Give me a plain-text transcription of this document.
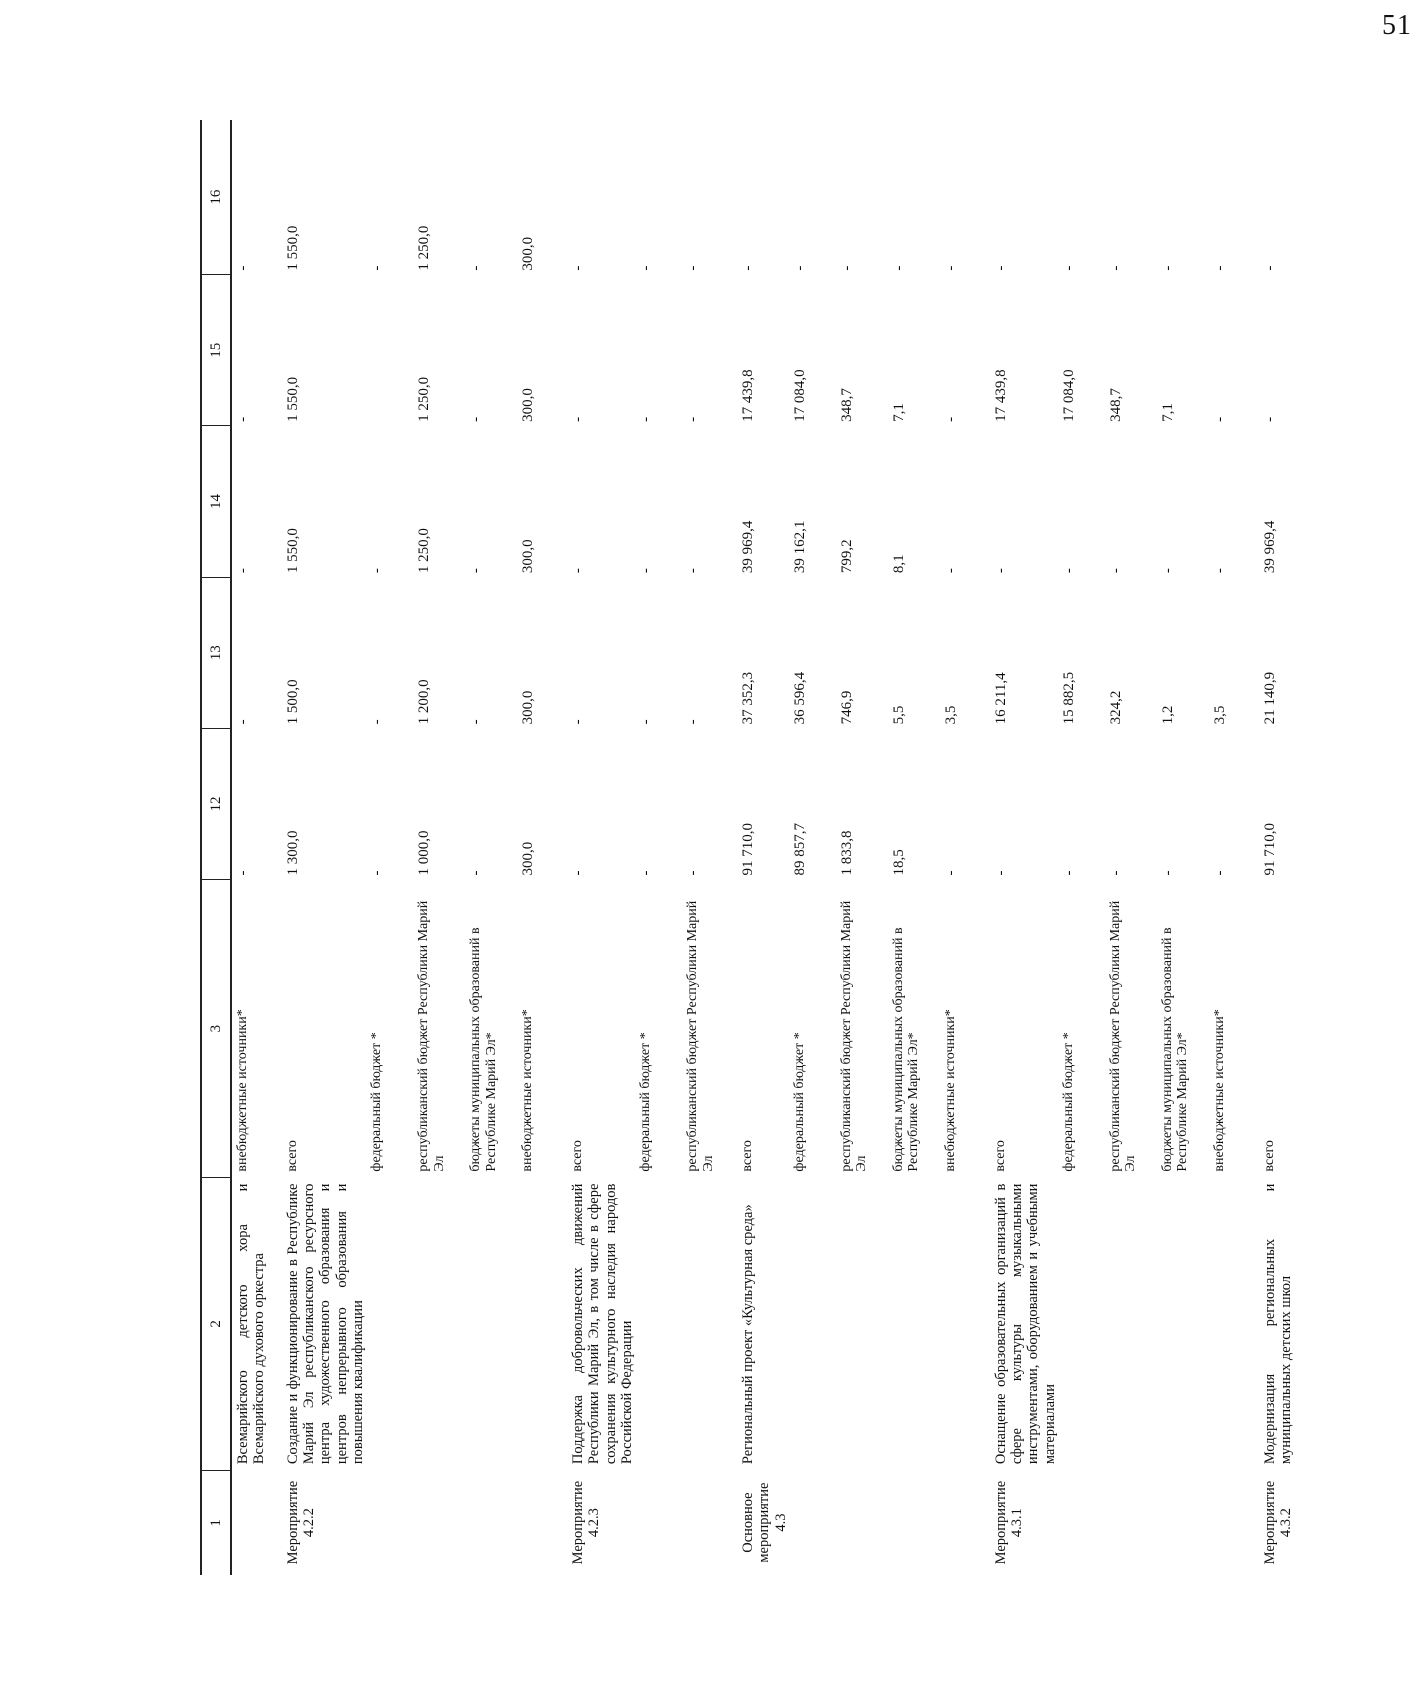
51
1	2	3	12	13	14	15	16
	Всемарийского детского хора и Всемарийского духового оркестра	внебюджетные источники*	-	-	-	-	-
Мероприятие 4.2.2	Создание и функционирование в Республике Марий Эл республиканского ресурсного центра художественного образования и центров непрерывного образования и повышения квалификации	всего	1 300,0	1 500,0	1 550,0	1 550,0	1 550,0
		федеральный бюджет *	-	-	-		-
		республиканский бюджет Республики Марий Эл	1 000,0	1 200,0	1 250,0	1 250,0	1 250,0
		бюджеты муниципальных образований в Республике Марий Эл*	-	-	-	-	-
		внебюджетные источники*	300,0	300,0	300,0	300,0	300,0
Мероприятие 4.2.3	Поддержка добровольческих движений Республики Марий Эл, в том числе в сфере сохранения культурного наследия народов Российской Федерации	всего	-	-	-	-	-
		федеральный бюджет *	-	-	-	-	-
		республиканский бюджет Республики Марий Эл	-	-	-	-	-
Основное мероприятие 4.3	Региональный проект «Культурная среда»	всего	91 710,0	37 352,3	39 969,4	17 439,8	-
		федеральный бюджет *	89 857,7	36 596,4	39 162,1	17 084,0	-
		республиканский бюджет Республики Марий Эл	1 833,8	746,9	799,2	348,7	-
		бюджеты муниципальных образований в Республике Марий Эл*	18,5	5,5	8,1	7,1	-
		внебюджетные источники*	-	3,5	-	-	-
Мероприятие 4.3.1	Оснащение образовательных организаций в сфере культуры музыкальными инструментами, оборудованием и учебными материалами	всего	-	16 211,4	-	17 439,8	-
		федеральный бюджет *	-	15 882,5	-	17 084,0	-
		республиканский бюджет Республики Марий Эл	-	324,2	-	348,7	-
		бюджеты муниципальных образований в Республике Марий Эл*	-	1,2	-	7,1	-
		внебюджетные источники*	-	3,5	-	-	-
Мероприятие 4.3.2	Модернизация региональных и муниципальных детских школ	всего	91 710,0	21 140,9	39 969,4	-	-
